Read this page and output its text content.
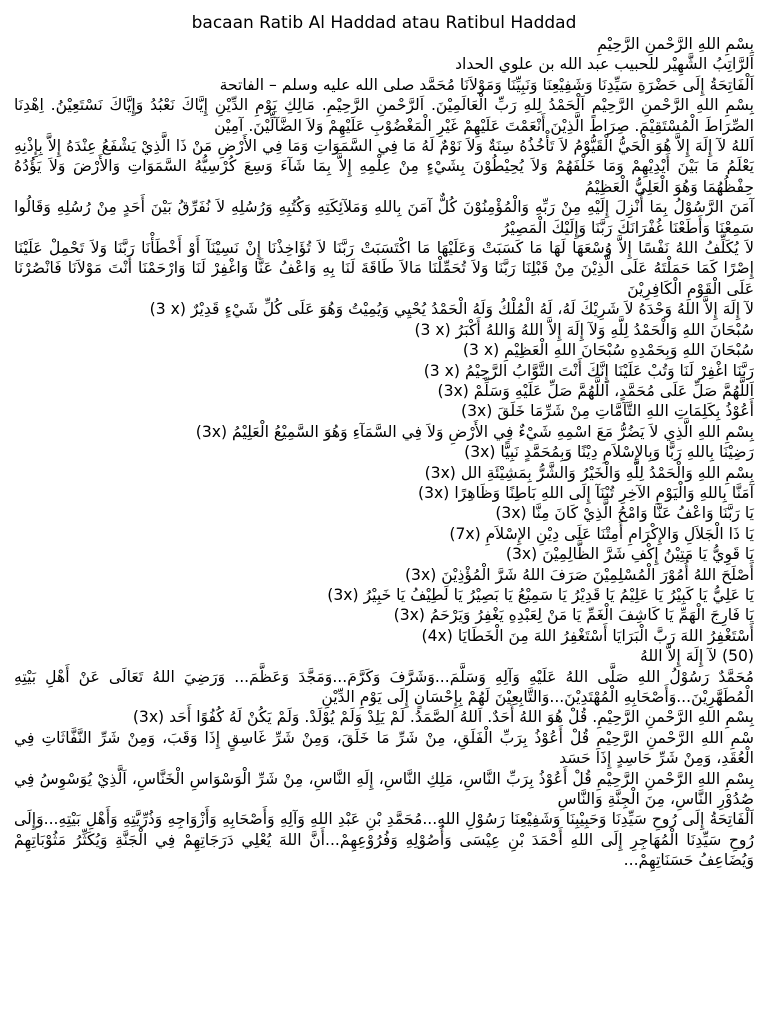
bacaan Ratib Al Haddad atau Ratibul Haddad
بِسْمِ اللهِ الرَّحْمنِ الرَّحِيْمِ
اَلرَّاتِبُ الشَّهِيْر للحبيب عبد الله بن علوي الحداد
اَلْفَاتِحَةُ إِلَى حَضْرَةِ سَيِّدِنَا وَشَفِيْعِنَا وَنَبِيِّنَا وَمَوْلاَنَا مُحَمَّد صلى الله عليه وسلم – الفاتحة
بِسْمِ اللهِ الرَّحْمنِ الرَّحِيْمِ اَلْحَمْدُ لِلهِ رَبِّ الْعَالَمِيْنَ. اَلرَّحْمنِ الرَّحِيْمِ. مَالِكِ يَوْمِ الدِّيْنِ إِيَّاكَ نَعْبُدُ وَإِيَّاكَ نَسْتَعِيْنُ. اِهْدِنَا الصِّرَاطَ الْمُسْتَقِيْمَ. صِرَاطَ الَّذِيْنَ أَنْعَمْتَ عَلَيْهِمْ غَيْرِ الْمَغْضُوْبِ عَلَيْهِمْ وَلاَ الضَّآلِّيْنَ. آمِيْن
اَللهُ لآ إِلَهَ إِلاَّ هُوَ الْحَيُّ الْقَيُّوْمُ لاَ تَأْخُذُهُ سِنَةٌ وَلاَ نَوْمٌ لَهُ مَا فِي السَّمَوَاتِ وَمَا فِي الأَرْضِ مَنْ ذَا الَّذِيْ يَشْفَعُ عِنْدَهُ إِلاَّ بِإِذْنِهِ يَعْلَمُ مَا بَيْنَ أَيْدِيْهِمْ وَمَا خَلْفَهُمْ وَلاَ يُحِيْطُوْنَ بِشَيْءٍ مِنْ عِلْمِهِ إِلاَّ بِمَا شَآءَ وَسِعَ كُرْسِيُّهُ السَّمَوَاتِ وَالأَرْضَ وَلاَ يَؤُدُهُ حِفْظُهُمَا وَهُوَ الْعَلِيُّ الْعَظِيْمُ
آمَنَ الرَّسُوْلُ بِمَا أُنْزِلَ إِلَيْهِ مِنْ رَبِّهِ وَالْمُؤْمِنُوْنَ كُلٌّ آمَنَ بِاللهِ وَمَلآئِكَتِهِ وَكُتُبِهِ وَرُسُلِهِ لاَ نُفَرِّقُ بَيْنَ أَحَدٍ مِنْ رُسُلِهِ وَقَالُوا سَمِعْنَا وَأَطَعْنَا غُفْرَانَكَ رَبَّنَا وَإِلَيْكَ الْمَصِيْرُ
لاَ يُكَلِّفُ اللهُ نَفْسًا إِلاَّ وُسْعَهَا لَهَا مَا كَسَبَتْ وَعَلَيْهَا مَا اكْتَسَبَتْ رَبَّنَا لاَ تُؤَاخِذْنَا إِنْ نَسِيْنَآ أَوْ أَخْطَأْنَا رَبَّنَا وَلاَ تَحْمِلْ عَلَيْنَا إِصْرًا كَمَا حَمَلْتَهُ عَلَى الَّذِيْنَ مِنْ قَبْلِنَا رَبَّنَا وَلاَ تُحَمِّلْنَا مَالاَ طَاقَةَ لَنَا بِهِ وَاعْفُ عَنَّا وَاغْفِرْ لَنَا وَارْحَمْنَا أَنْتَ مَوْلاَنَا فَانْصُرْنَا عَلَى الْقَوْمِ الْكَافِرِيْنَ
(3 x) لآ إِلَهَ إِلاَّ اللهُ وَحْدَهُ لاَ شَرِيْكَ لَهُ، لَهُ الْمُلْكُ وَلَهُ الْحَمْدُ يُحْيِي وَيُمِيْتُ وَهُوَ عَلَى كُلِّ شَيْءٍ قَدِيْرٌ
(3 x) سُبْحَانَ اللهِ وَالْحَمْدُ لِلَّهِ وَلآ إِلَهَ إِلاَّ اللهُ وَاللهُ أَكْبَرُ
(3 x) سُبْحَانَ اللهِ وَبِحَمْدِهِ سُبْحَانَ اللهِ الْعَظِيْمِ
(3 x) رَبَّنَا اغْفِرْ لَنَا وَتُبْ عَلَيْنَا إِنَّكَ أَنْتَ التَّوَّابُ الرَّحِيْمُ
(3x) اَللَّهُمَّ صَلِّ عَلَى مُحَمَّدٍ، اَللَّهُمَّ صَلِّ عَلَيْهِ وَسَلِّمْ
(3x) أَعُوْذُ بِكَلِمَاتِ اللهِ التَّآمَّاتِ مِنْ شَرِّمَا خَلَقَ
(3x) بِسْمِ اللهِ الَّذِي لاَ يَضُرُّ مَعَ اسْمِهِ شَيْءٌ فِي الأَرْضِ وَلاَ فِي السَّمَآءِ وَهُوَ السَّمِيْعُ الْعَلِيْمُ
(3x) رَضِيْنَا بِاللهِ رَبًّا وَبِالإِسْلاَمِ دِيْنًا وَبِمُحَمَّدٍ نَبِيًّا
(3x) بِسْمِ اللهِ وَالْحَمْدُ لِلَّهِ وَالْخَيْرُ وَالشَّرُّ بِمَشِيْئَةِ الل
(3x) آمَنَّا بِاللهِ وَالْيَوْمِ الآخِرِ تُبْنَآ إِلَى اللهِ بَاطِنًا وَظَاهِرًا
(3x) يَا رَبَّنَا وَاعْفُ عَنَّا وَامْحُ الَّذِيْ كَانَ مِنَّا
(7x) يَا ذَا الْجَلاَلِ وَالإِكْرَامِ أَمِتْنَا عَلَى دِيْنِ الإِسْلاَمِ
(3x) يَا قَوِيُّ يَا مَتِيْنُ إِكْفِ شَرَّ الظَّالِمِيْنَ
(3x) أَصْلَحَ اللهُ أُمُوْرَ الْمُسْلِمِيْنَ صَرَفَ اللهُ شَرَّ الْمُؤْذِيْنَ
(3x) يَا عَلِيُّ يَا كَبِيْرُ يَا عَلِيْمُ يَا قَدِيْرُ يَا سَمِيْعُ يَا بَصِيْرُ يَا لَطِيْفُ يَا خَبِيْرُ
(3x) يَا فَارِجَ الْهَمِّ يَا كَاشِفَ الْغَمِّ يَا مَنْ لِعَبْدِهِ يَغْفِرُ وَيَرْحَمُ
(4x) أَسْتَغْفِرُ اللهَ رَبَّ الْبَرَايَا أَسْتَغْفِرُ اللهَ مِنَ الْخَطَايَا
(50) لآ إِلَهَ إِلاَّ اللهُ
مُحَمَّدٌ رَسُوْلُ اللهِ صَلَّى اللهُ عَلَيْهِ وَآلِهِ وَسَلَّمَ...وَشَرَّفَ وَكَرَّمَ...وَمَجَّدَ وَعَظَّمَ... وَرَضِيَ اللهُ تَعَالَى عَنْ أَهْلِ بَيْتِهِ الْمُطَهَّرِيْنَ...وَأَصْحَابِهِ الْمُهْتَدِيْنَ...وَالتَّابِعِيْنَ لَهُمْ بِإِحْسَانٍ إِلَى يَوْمِ الدِّيْنِ
(3x) بِسْمِ اللهِ الرَّحْمنِ الرَّحِيْمِ. قُلْ هُوَ اللهُ أَحَدٌ. اَللهُ الصَّمَدُ. لَمْ يَلِدْ وَلَمْ يُوْلَدْ. وَلَمْ يَكُنْ لَهُ كُفُوًا أَحَد
سْمِ اللهِ الرَّحْمنِ الرَّحِيْمِ قُلْ أَعُوْذُ بِرَبِّ الْفَلَقِ، مِنْ شَرِّ مَا خَلَقَ، وَمِنْ شَرِّ غَاسِقٍ إِذَا وَقَبَ، وَمِنْ شَرِّ النَّفَّاثَاتِ فِي الْعُقَدِ، وَمِنْ شَرِّ حَاسِدٍ إِذَا حَسَد
بِسْمِ اللهِ الرَّحْمنِ الرَّحِيْمِ قُلْ أَعُوْذُ بِرَبِّ النَّاسِ، مَلِكِ النَّاسِ، إِلَهِ النَّاسِ، مِنْ شَرِّ الْوَسْوَاسِ الْخَنَّاسِ، اَلَّذِيْ يُوَسْوِسُ فِي صُدُوْرِ النَّاسِ، مِنَ الْجِنَّةِ وَالنَّاسِ
اَلْفَاتِحَةُ إِلَى رُوحِ سَيِّدِنَا وَحَبِيْبِنَا وَشَفِيْعِنَا رَسُوْلِ اللهِ...مُحَمَّدِ بْنِ عَبْدِ اللهِ وَآلِهِ وَأَصْحَابِهِ وَأَزْوَاجِهِ وَذُرِّيَّتِهِ وَأَهْلِ بَيْتِهِ...وَإِلَى رُوحِ سَيِّدِنَا الْمُهَاجِرِ إِلَى اللهِ أَحْمَدَ بْنِ عِيْسَى وَأُصُوْلِهِ وَفُرُوْعِهِمْ...أَنَّ اللهَ يُعْلِي دَرَجَاتِهِمْ فِي الْجَنَّةِ وَيُكَثِّرُ مَثُوْبَاتِهِمْ وَيُضَاعِفُ حَسَنَاتِهِمْ...
